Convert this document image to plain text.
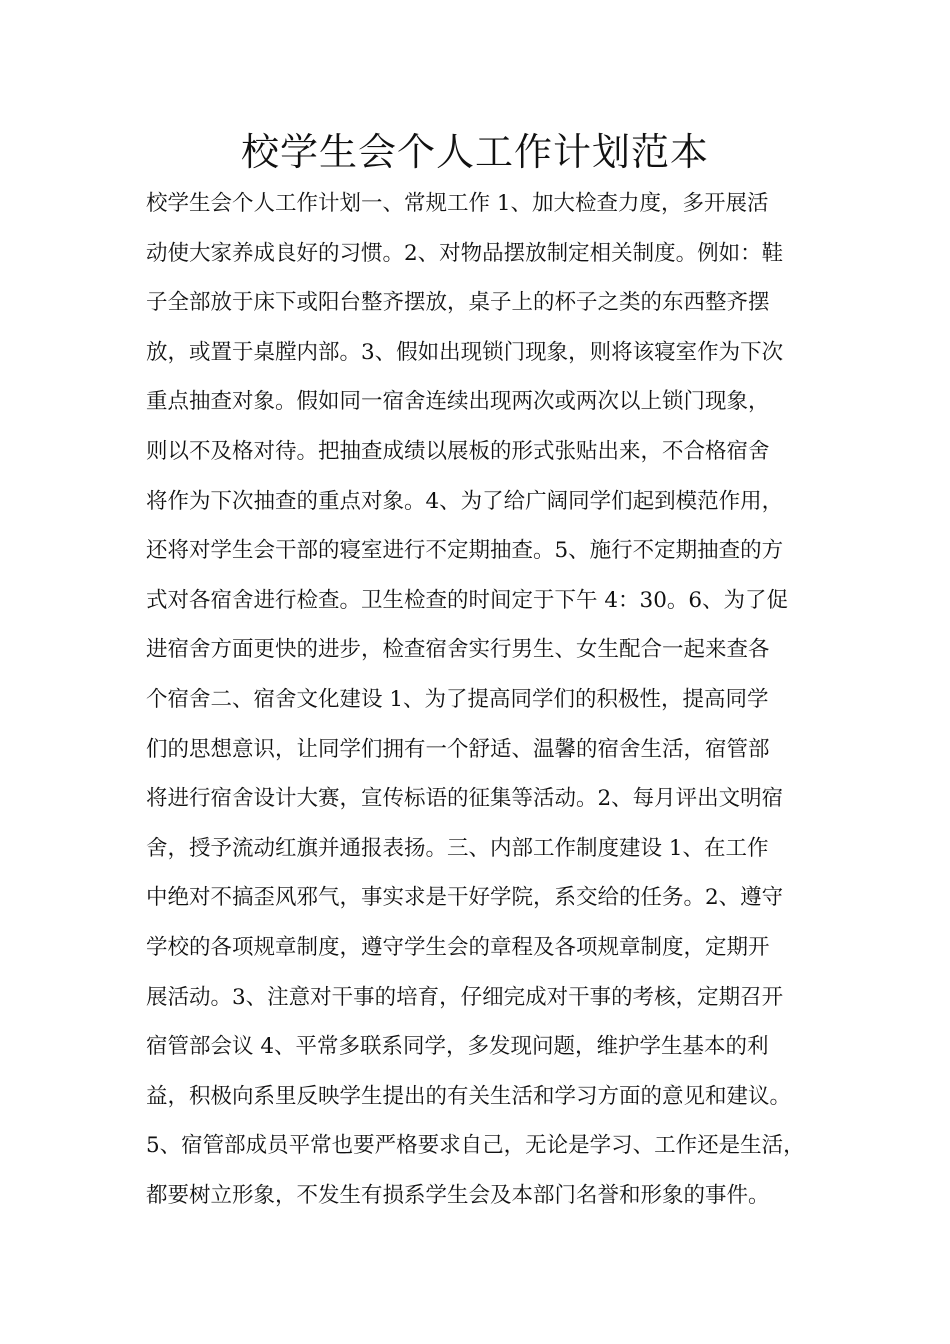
校学生会个人工作计划范本
校学生会个人工作计划一、常规工作 1、加大检查力度，多开展活
动使大家养成良好的习惯。2、对物品摆放制定相关制度。例如：鞋
子全部放于床下或阳台整齐摆放，桌子上的杯子之类的东西整齐摆
放，或置于桌膛内部。3、假如出现锁门现象，则将该寝室作为下次
重点抽查对象。假如同一宿舍连续出现两次或两次以上锁门现象，
则以不及格对待。把抽查成绩以展板的形式张贴出来，不合格宿舍
将作为下次抽查的重点对象。4、为了给广阔同学们起到模范作用，
还将对学生会干部的寝室进行不定期抽查。5、施行不定期抽查的方
式对各宿舍进行检查。卫生检查的时间定于下午 4：30。6、为了促
进宿舍方面更快的进步，检查宿舍实行男生、女生配合一起来查各
个宿舍二、宿舍文化建设 1、为了提高同学们的积极性，提高同学
们的思想意识，让同学们拥有一个舒适、温馨的宿舍生活，宿管部
将进行宿舍设计大赛，宣传标语的征集等活动。2、每月评出文明宿
舍，授予流动红旗并通报表扬。三、内部工作制度建设 1、在工作
中绝对不搞歪风邪气，事实求是干好学院，系交给的任务。2、遵守
学校的各项规章制度，遵守学生会的章程及各项规章制度，定期开
展活动。3、注意对干事的培育，仔细完成对干事的考核，定期召开
宿管部会议 4、平常多联系同学，多发现问题，维护学生基本的利
益，积极向系里反映学生提出的有关生活和学习方面的意见和建议。
5、宿管部成员平常也要严格要求自己，无论是学习、工作还是生活，
都要树立形象，不发生有损系学生会及本部门名誉和形象的事件。
